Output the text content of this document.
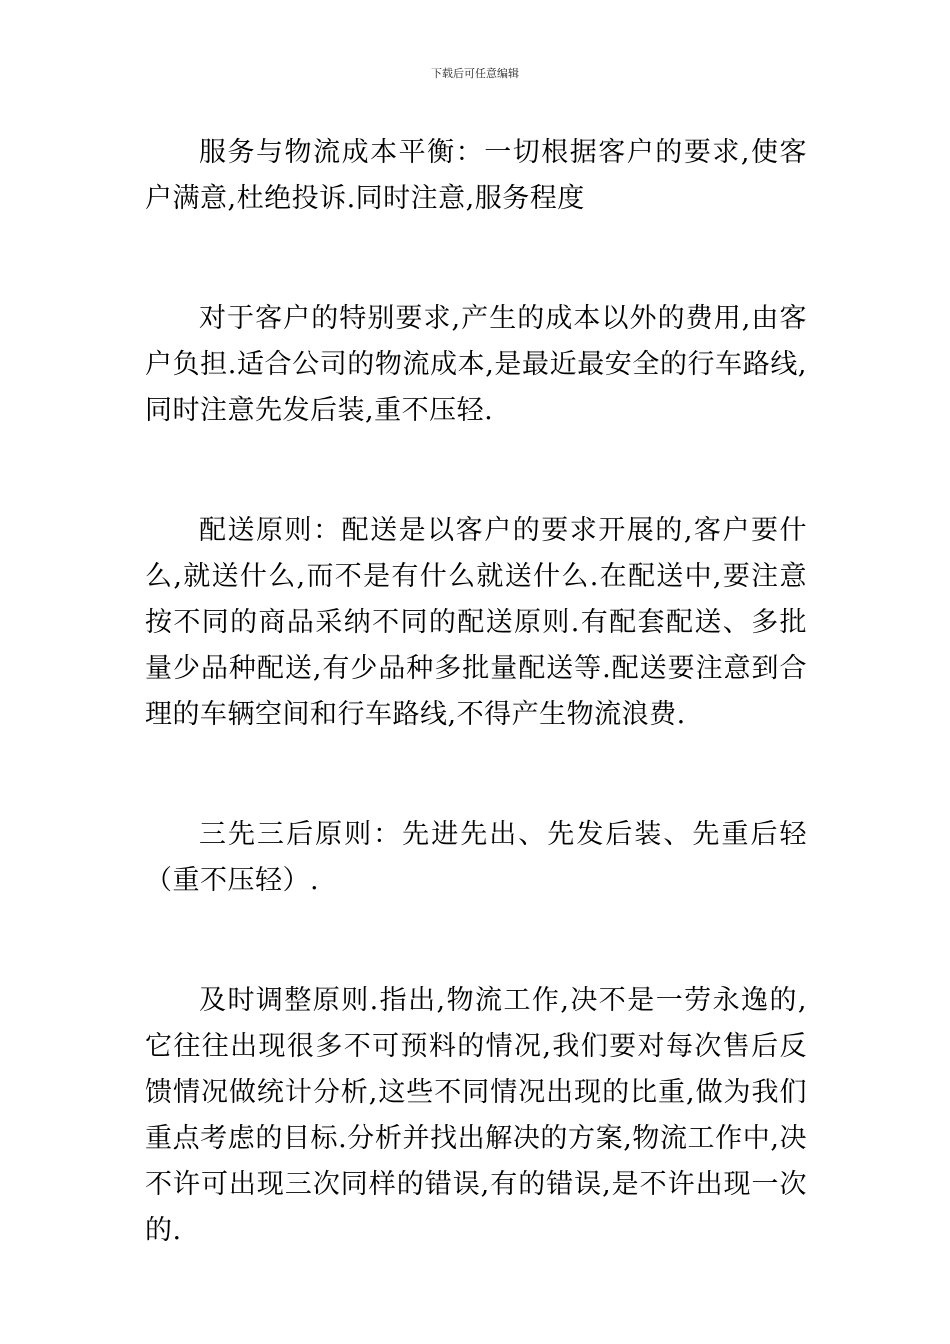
下载后可任意编辑

服务与物流成本平衡：一切根据客户的要求,使客户满意,杜绝投诉.同时注意,服务程度

对于客户的特别要求,产生的成本以外的费用,由客户负担.适合公司的物流成本,是最近最安全的行车路线,同时注意先发后装,重不压轻.

配送原则：配送是以客户的要求开展的,客户要什么,就送什么,而不是有什么就送什么.在配送中,要注意按不同的商品采纳不同的配送原则.有配套配送、多批量少品种配送,有少品种多批量配送等.配送要注意到合理的车辆空间和行车路线,不得产生物流浪费.

三先三后原则：先进先出、先发后装、先重后轻（重不压轻）.

及时调整原则.指出,物流工作,决不是一劳永逸的,它往往出现很多不可预料的情况,我们要对每次售后反馈情况做统计分析,这些不同情况出现的比重,做为我们重点考虑的目标.分析并找出解决的方案,物流工作中,决不许可出现三次同样的错误,有的错误,是不许出现一次的.
